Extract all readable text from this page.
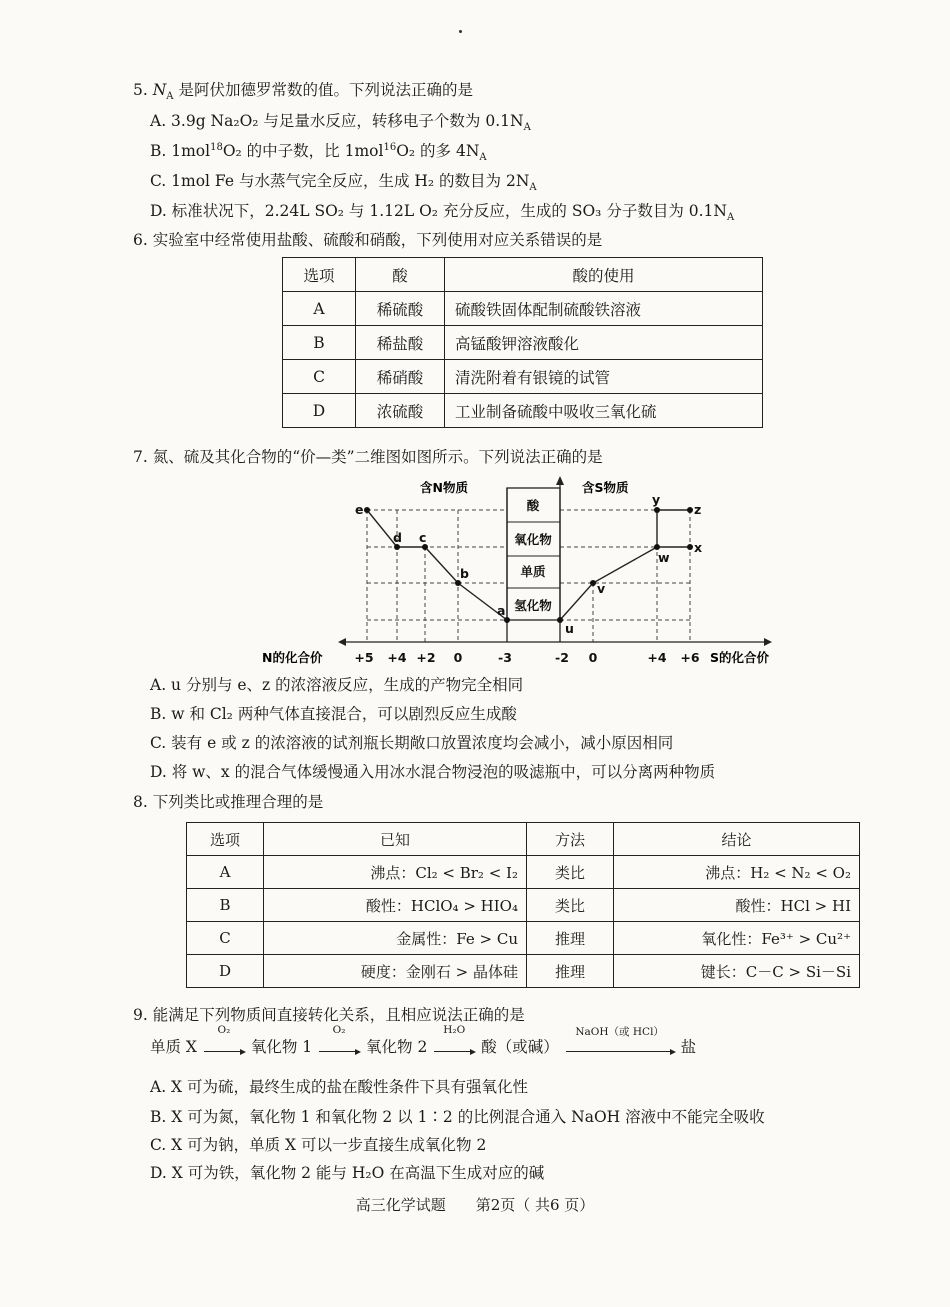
5. $N_A$ 是阿伏加德罗常数的值。下列说法正确的是
A. 3.9g Na₂O₂ 与足量水反应，转移电子个数为 $0.1N_A$
B. 1mol$^{18}$O₂ 的中子数，比 1mol$^{16}$O₂ 的多 $4N_A$
C. 1mol Fe 与水蒸气完全反应，生成 H₂ 的数目为 $2N_A$
D. 标准状况下，2.24L SO₂ 与 1.12L O₂ 充分反应，生成的 SO₃ 分子数目为 $0.1N_A$
6. 实验室中经常使用盐酸、硫酸和硝酸，下列使用对应关系错误的是
选项	酸	酸的使用
A	稀硫酸	硫酸铁固体配制硫酸铁溶液
B	稀盐酸	高锰酸钾溶液酸化
C	稀硝酸	清洗附着有银镜的试管
D	浓硫酸	工业制备硫酸中吸收三氧化硫
7. 氮、硫及其化合物的“价—类”二维图如图所示。下列说法正确的是
酸
氧化物
单质
氢化物
含N物质	含S物质
e
d c
b
a
u
v
w
x
y
z
+5 +4 +2 0	-3	-2 0	+4 +6
N的化合价	S的化合价
A. u 分别与 e、z 的浓溶液反应，生成的产物完全相同
B. w 和 Cl₂ 两种气体直接混合，可以剧烈反应生成酸
C. 装有 e 或 z 的浓溶液的试剂瓶长期敞口放置浓度均会减小，减小原因相同
D. 将 w、x 的混合气体缓慢通入用冰水混合物浸泡的吸滤瓶中，可以分离两种物质
8. 下列类比或推理合理的是
选项	已知	方法	结论
A	沸点：Cl₂ < Br₂ < I₂	类比	沸点：H₂ < N₂ < O₂
B	酸性：HClO₄ > HIO₄	类比	酸性：HCl > HI
C	金属性：Fe > Cu	推理	氧化性：Fe³⁺ > Cu²⁺
D	硬度：金刚石 > 晶体硅	推理	键长：C－C > Si－Si
9. 能满足下列物质间直接转化关系，且相应说法正确的是
单质 X
O₂
氧化物 1
O₂
氧化物 2
H₂O
酸（或碱）
NaOH（或 HCl）
盐
A. X 可为硫，最终生成的盐在酸性条件下具有强氧化性
B. X 可为氮，氧化物 1 和氧化物 2 以 1∶2 的比例混合通入 NaOH 溶液中不能完全吸收
C. X 可为钠，单质 X 可以一步直接生成氧化物 2
D. X 可为铁，氧化物 2 能与 H₂O 在高温下生成对应的碱
高三化学试题　　第2页（ 共6 页）
